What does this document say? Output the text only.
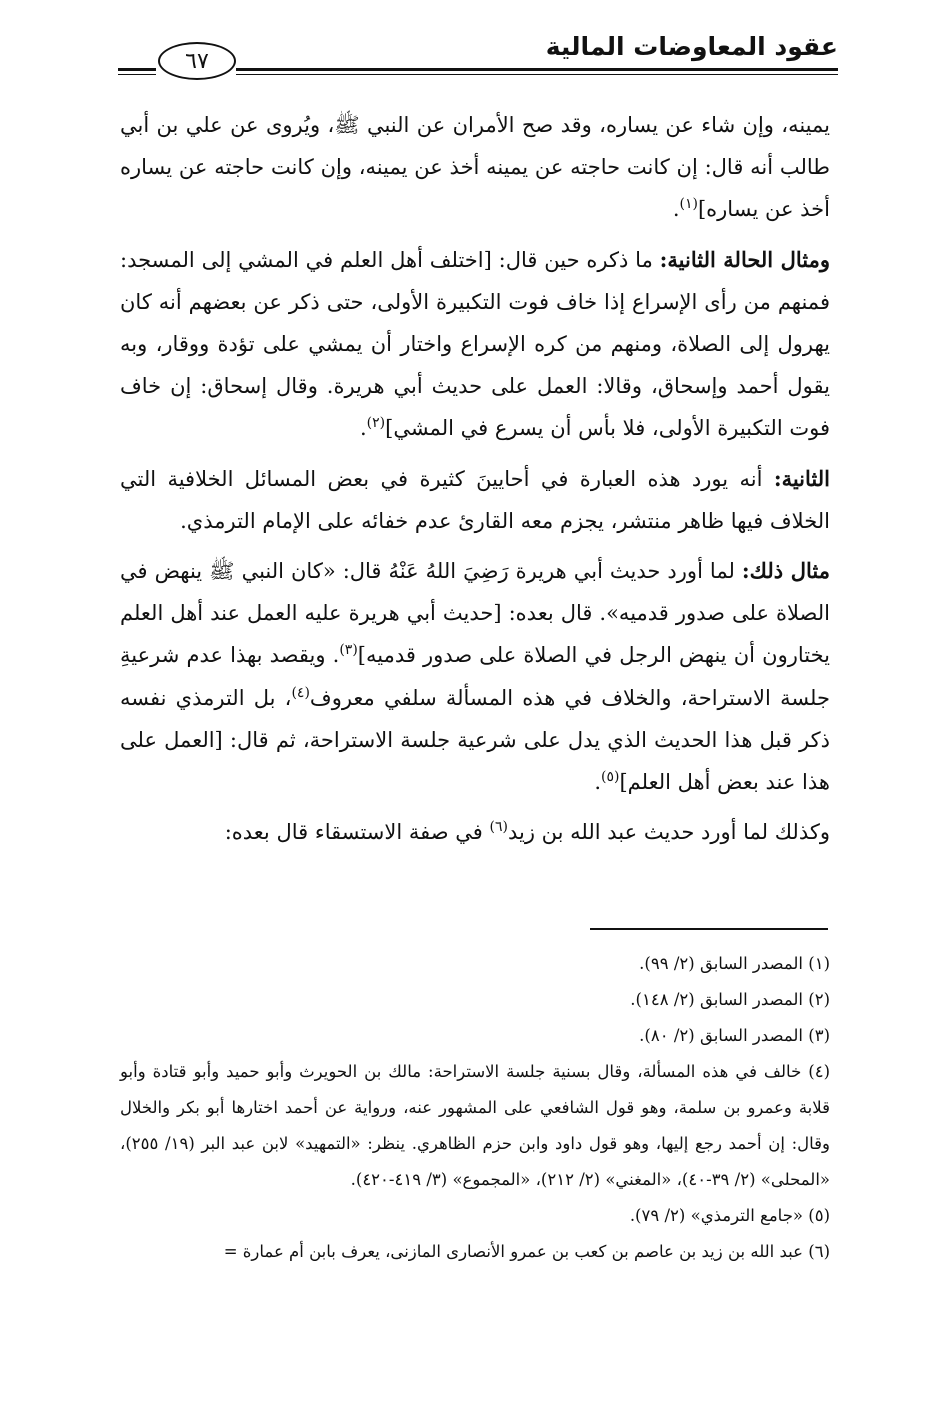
٦٧	عقود المعاوضات المالية

يمينه، وإن شاء عن يساره، وقد صح الأمران عن النبي ﷺ، ويُروى عن علي بن أبي طالب أنه قال: إن كانت حاجته عن يمينه أخذ عن يمينه، وإن كانت حاجته عن يساره أخذ عن يساره]$^{(١)}$.

ومثال الحالة الثانية: ما ذكره حين قال: [اختلف أهل العلم في المشي إلى المسجد: فمنهم من رأى الإسراع إذا خاف فوت التكبيرة الأولى، حتى ذكر عن بعضهم أنه كان يهرول إلى الصلاة، ومنهم من كره الإسراع واختار أن يمشي على تؤدة ووقار، وبه يقول أحمد وإسحاق، وقالا: العمل على حديث أبي هريرة. وقال إسحاق: إن خاف فوت التكبيرة الأولى، فلا بأس أن يسرع في المشي]$^{(٢)}$.

الثانية: أنه يورد هذه العبارة في أحايينَ كثيرة في بعض المسائل الخلافية التي الخلاف فيها ظاهر منتشر، يجزم معه القارئ عدم خفائه على الإمام الترمذي.

مثال ذلك: لما أورد حديث أبي هريرة رَضِيَ اللهُ عَنْهُ قال: «كان النبي ﷺ ينهض في الصلاة على صدور قدميه». قال بعده: [حديث أبي هريرة عليه العمل عند أهل العلم يختارون أن ينهض الرجل في الصلاة على صدور قدميه]$^{(٣)}$. ويقصد بهذا عدم شرعيةِ جلسة الاستراحة، والخلاف في هذه المسألة سلفي معروف$^{(٤)}$، بل الترمذي نفسه ذكر قبل هذا الحديث الذي يدل على شرعية جلسة الاستراحة، ثم قال: [العمل على هذا عند بعض أهل العلم]$^{(٥)}$.

وكذلك لما أورد حديث عبد الله بن زيد$^{(٦)}$ في صفة الاستسقاء قال بعده:

(١) المصدر السابق (٢/ ٩٩).

(٢) المصدر السابق (٢/ ١٤٨).

(٣) المصدر السابق (٢/ ٨٠).

(٤) خالف في هذه المسألة، وقال بسنية جلسة الاستراحة: مالك بن الحويرث وأبو حميد وأبو قتادة وأبو قلابة وعمرو بن سلمة، وهو قول الشافعي على المشهور عنه، ورواية عن أحمد اختارها أبو بكر والخلال وقال: إن أحمد رجع إليها، وهو قول داود وابن حزم الظاهري. ينظر: «التمهيد» لابن عبد البر (١٩/ ٢٥٥)، «المحلى» (٢/ ٣٩-٤٠)، «المغني» (٢/ ٢١٢)، «المجموع» (٣/ ٤١٩-٤٢٠).

(٥) «جامع الترمذي» (٢/ ٧٩).

(٦) عبد الله بن زيد بن عاصم بن كعب بن عمرو الأنصارى المازنى، يعرف بابن أم عمارة =
